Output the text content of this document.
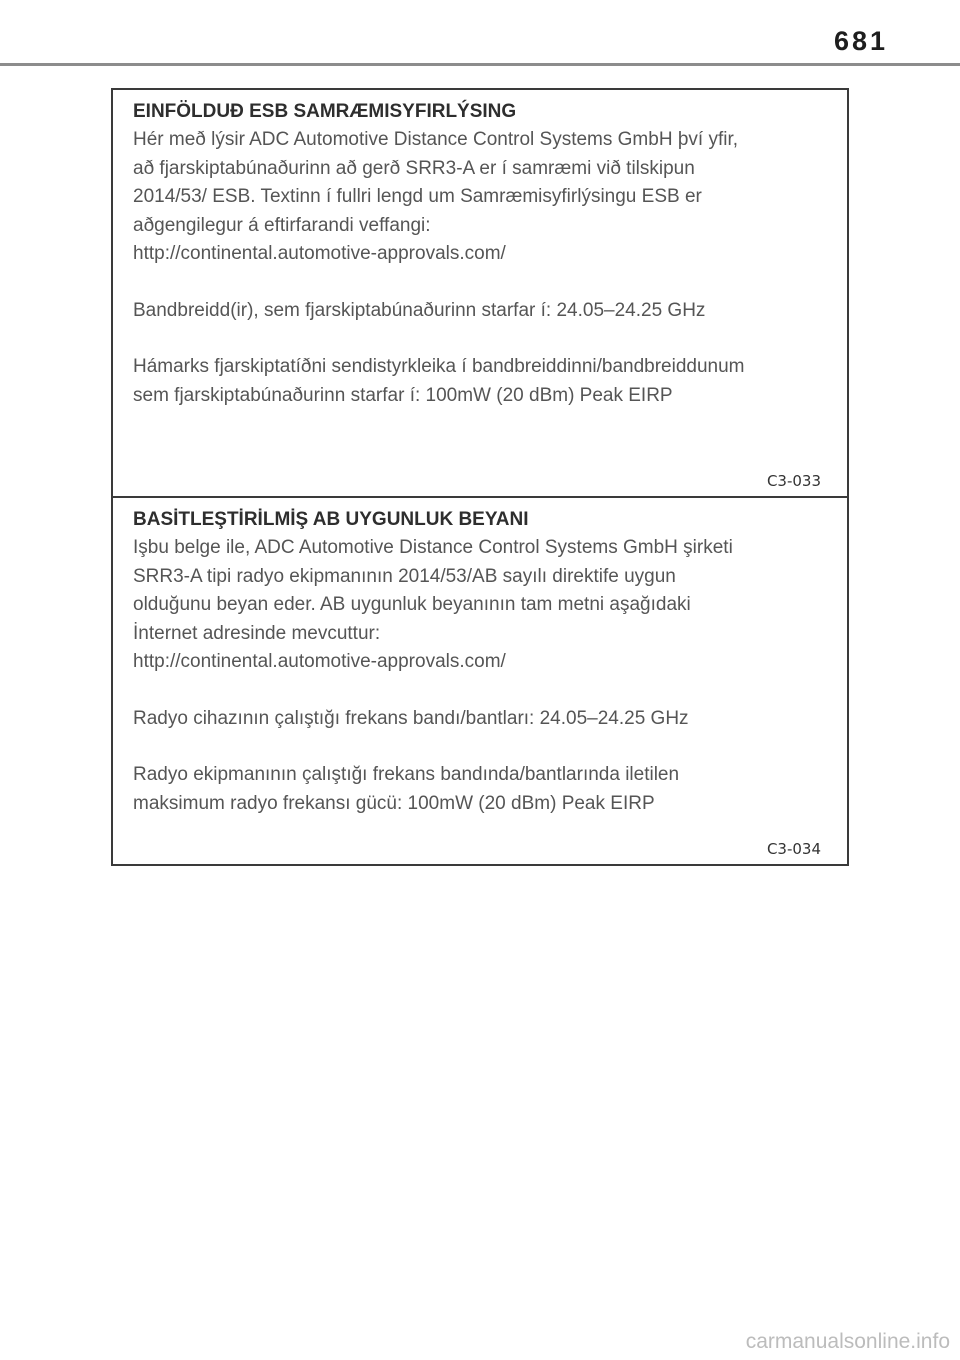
681
EINFÖLDUÐ ESB SAMRÆMISYFIRLÝSING

Hér með lýsir ADC Automotive Distance Control Systems GmbH því yfir,

að fjarskiptabúnaðurinn að gerð SRR3-A er í samræmi við tilskipun

2014/53/ ESB. Textinn í fullri lengd um Samræmisyfirlýsingu ESB er

aðgengilegur á eftirfarandi veffangi:

http://continental.automotive-approvals.com/

Bandbreidd(ir), sem fjarskiptabúnaðurinn starfar í: 24.05–24.25 GHz

Hámarks fjarskiptatíðni sendistyrkleika í bandbreiddinni/bandbreiddunum

sem fjarskiptabúnaðurinn starfar í: 100mW (20 dBm) Peak EIRP

C3-033
BASİTLEŞTİRİLMİŞ AB UYGUNLUK BEYANI

Işbu belge ile, ADC Automotive Distance Control Systems GmbH şirketi

SRR3-A tipi radyo ekipmanının 2014/53/AB sayılı direktife uygun

olduğunu beyan eder. AB uygunluk beyanının tam metni aşağıdaki

İnternet adresinde mevcuttur:

http://continental.automotive-approvals.com/

Radyo cihazının çalıştığı frekans bandı/bantları: 24.05–24.25 GHz

Radyo ekipmanının çalıştığı frekans bandında/bantlarında iletilen

maksimum radyo frekansı gücü: 100mW (20 dBm) Peak EIRP

C3-034
carmanualsonline.info
